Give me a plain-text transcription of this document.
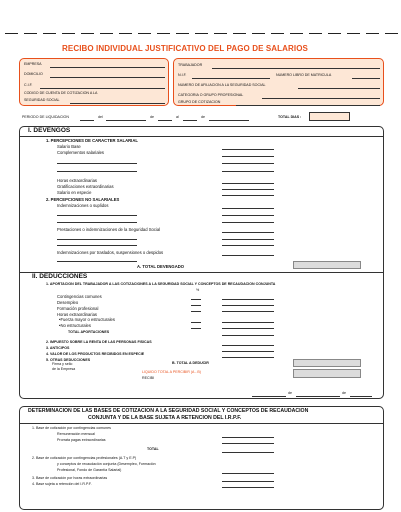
RECIBO INDIVIDUAL JUSTIFICATIVO DEL PAGO DE SALARIOS
EMPRESA
DOMICILIO
C.I.F.
CODIGO DE CUENTA DE COTIZACION A LA
SEGURIDAD SOCIAL
TRABAJADOR
N.I.F.	NUMERO LIBRO DE MATRICULA
NUMERO DE AFILIACION A LA SEGURIDAD SOCIAL
CATEGORIA O GRUPO PROFESIONAL
GRUPO DE COTIZACION
PERIODO DE LIQUIDACION	del	de	al	de	TOTAL DIAS :
I. DEVENGOS
1. PERCEPCIONES DE CARACTER SALARIAL
Salario Base
Complementos salariales
Horas extraordinarias
Gratificaciones extraordinarias
Salario en especie
2. PERCEPCIONES NO SALARIALES
Indemnizaciones o suplidos
Prestaciones o indemnizaciones de la Seguridad Social
Indemnizaciones por traslados, suspensiones o despidos
A. TOTAL DEVENGADO
II. DEDUCCIONES
1. APORTACION DEL TRABAJADOR A LAS COTIZACIONES A LA SEGURIDAD SOCIAL Y CONCEPTOS DE RECAUDACION CONJUNTA
%
Contingencias comunes
Desempleo
Formación profesional
Horas extraordinarias
•Fuerza mayor o estructurales
•No estructurales
TOTAL APORTACIONES
2. IMPUESTO SOBRE LA RENTA DE LAS PERSONAS FISICAS
3. ANTICIPOS
4. VALOR DE LOS PRODUCTOS RECIBIDOS EN ESPECIE
5. OTRAS DEDUCCIONES
B. TOTAL A DEDUCIR
Firma y sello
de la Empresa
LIQUIDO TOTAL A PERCIBIR (A - B)
RECIBI
de	de
DETERMINACION DE LAS BASES DE COTIZACION A LA SEGURIDAD SOCIAL Y CONCEPTOS DE RECAUDACION
CONJUNTA Y DE LA BASE SUJETA A RETENCION DEL I.R.P.F.
1. Base de cotización por contingencias comunes
Remuneración mensual
Prorrata pagas extraordinarias
TOTAL
2. Base de cotización por contingencias profesionales (A.T y E.P)
y conceptos de recaudación conjunta (Desempleo, Formación
Profesional, Fondo de Garantía Salarial)
3. Base de cotización por horas extraordinarias
4. Base sujeta a retención del I.R.P.F.
